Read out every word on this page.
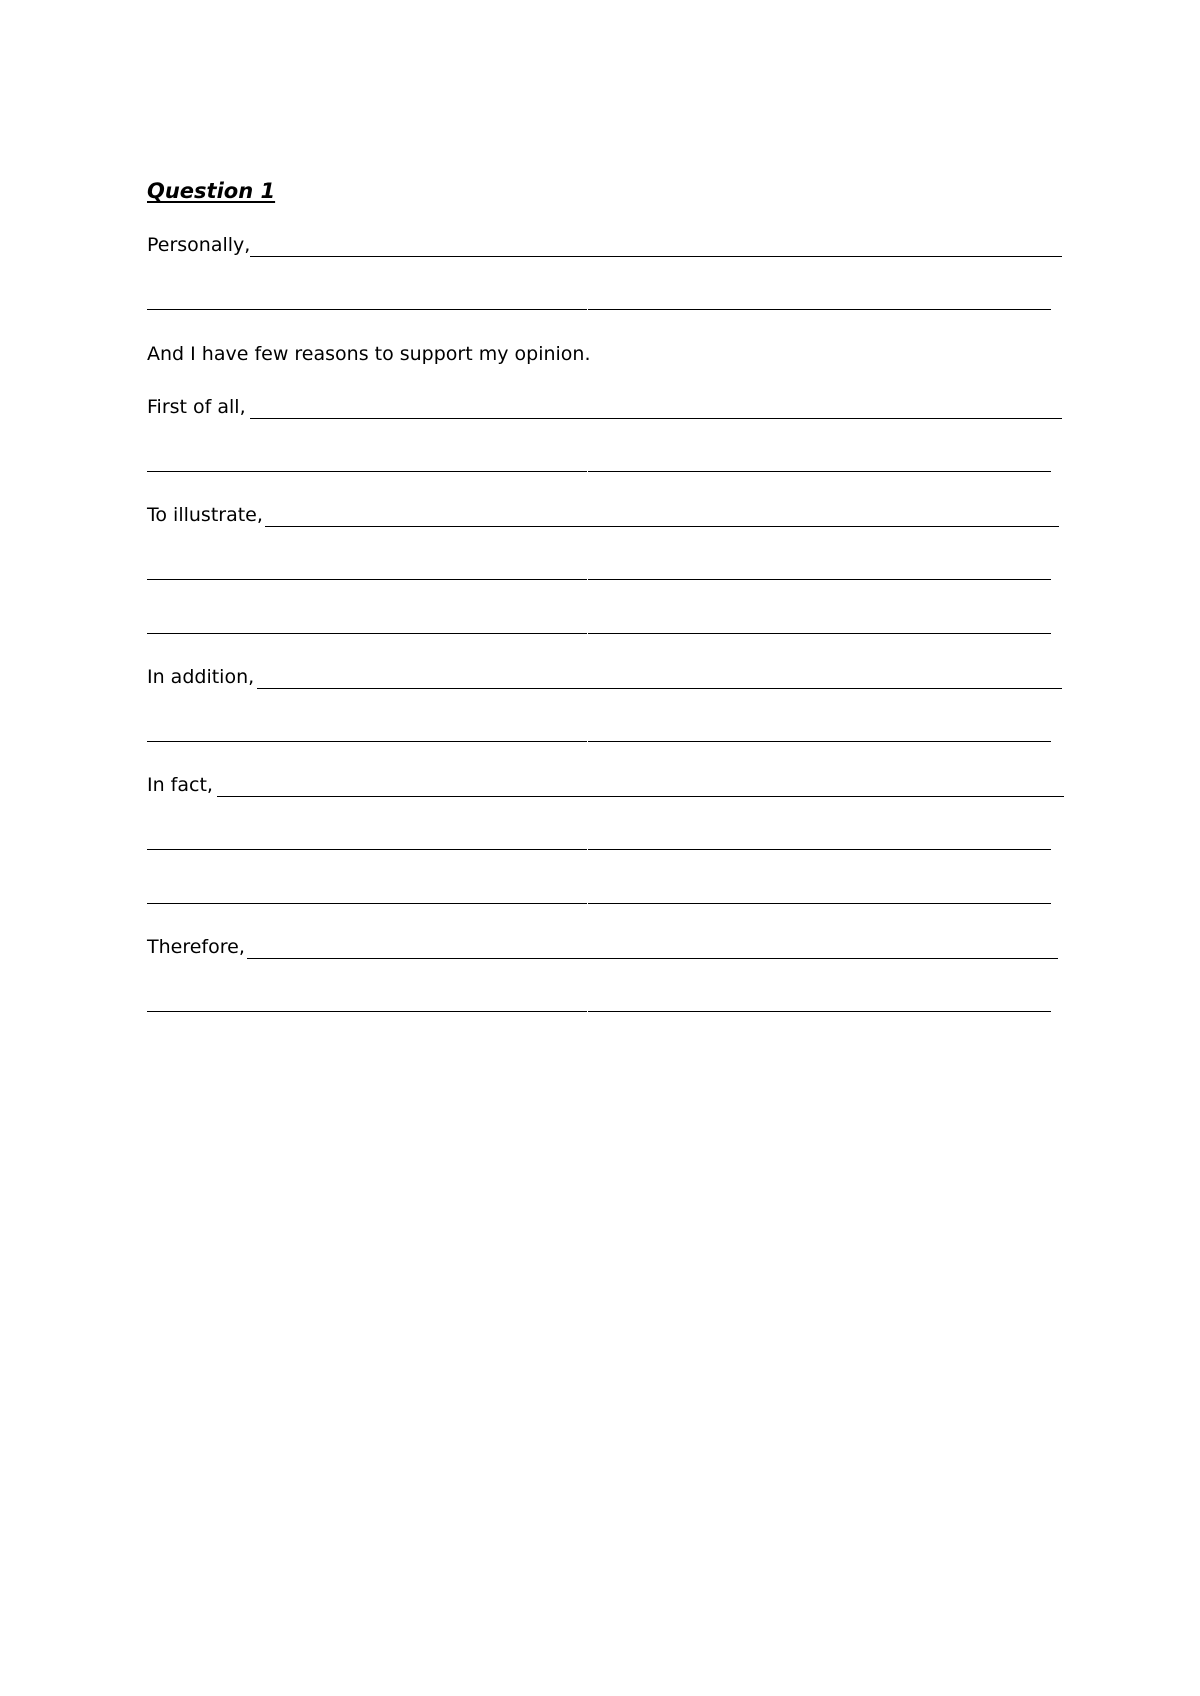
Question 1
Personally,
And I have few reasons to support my opinion.
First of all,
To illustrate,
In addition,
In fact,
Therefore,
